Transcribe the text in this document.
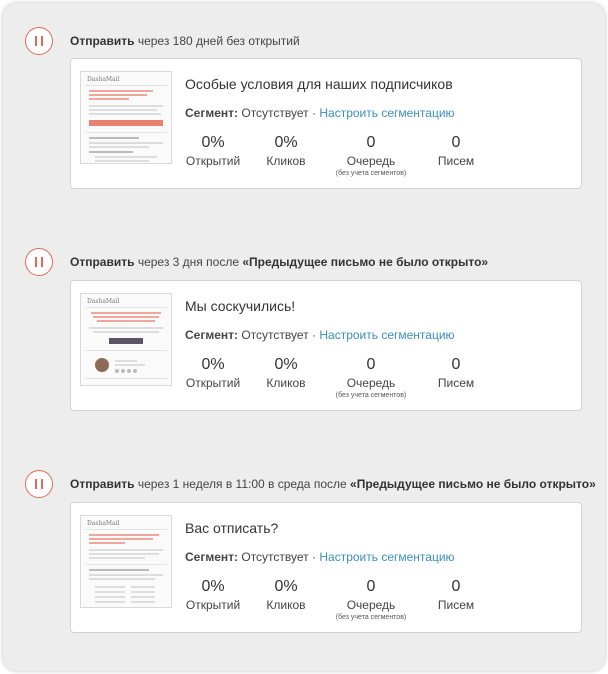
Отправить через 180 дней без открытий
DashaMail	Особые условия для наших подписчиков
Сегмент: Отсутствует · Настроить сегментацию
0%
Открытий
0%
Кликов
0
Очередь
(без учета сегментов)
0
Писем
Отправить через 3 дня после «Предыдущее письмо не было открыто»
DashaMail	Мы соскучились!
Сегмент: Отсутствует · Настроить сегментацию
0%
Открытий
0%
Кликов
0
Очередь
(без учета сегментов)
0
Писем
Отправить через 1 неделя в 11:00 в среда после «Предыдущее письмо не было открыто»
DashaMail	Вас отписать?
Сегмент: Отсутствует · Настроить сегментацию
0%
Открытий
0%
Кликов
0
Очередь
(без учета сегментов)
0
Писем
